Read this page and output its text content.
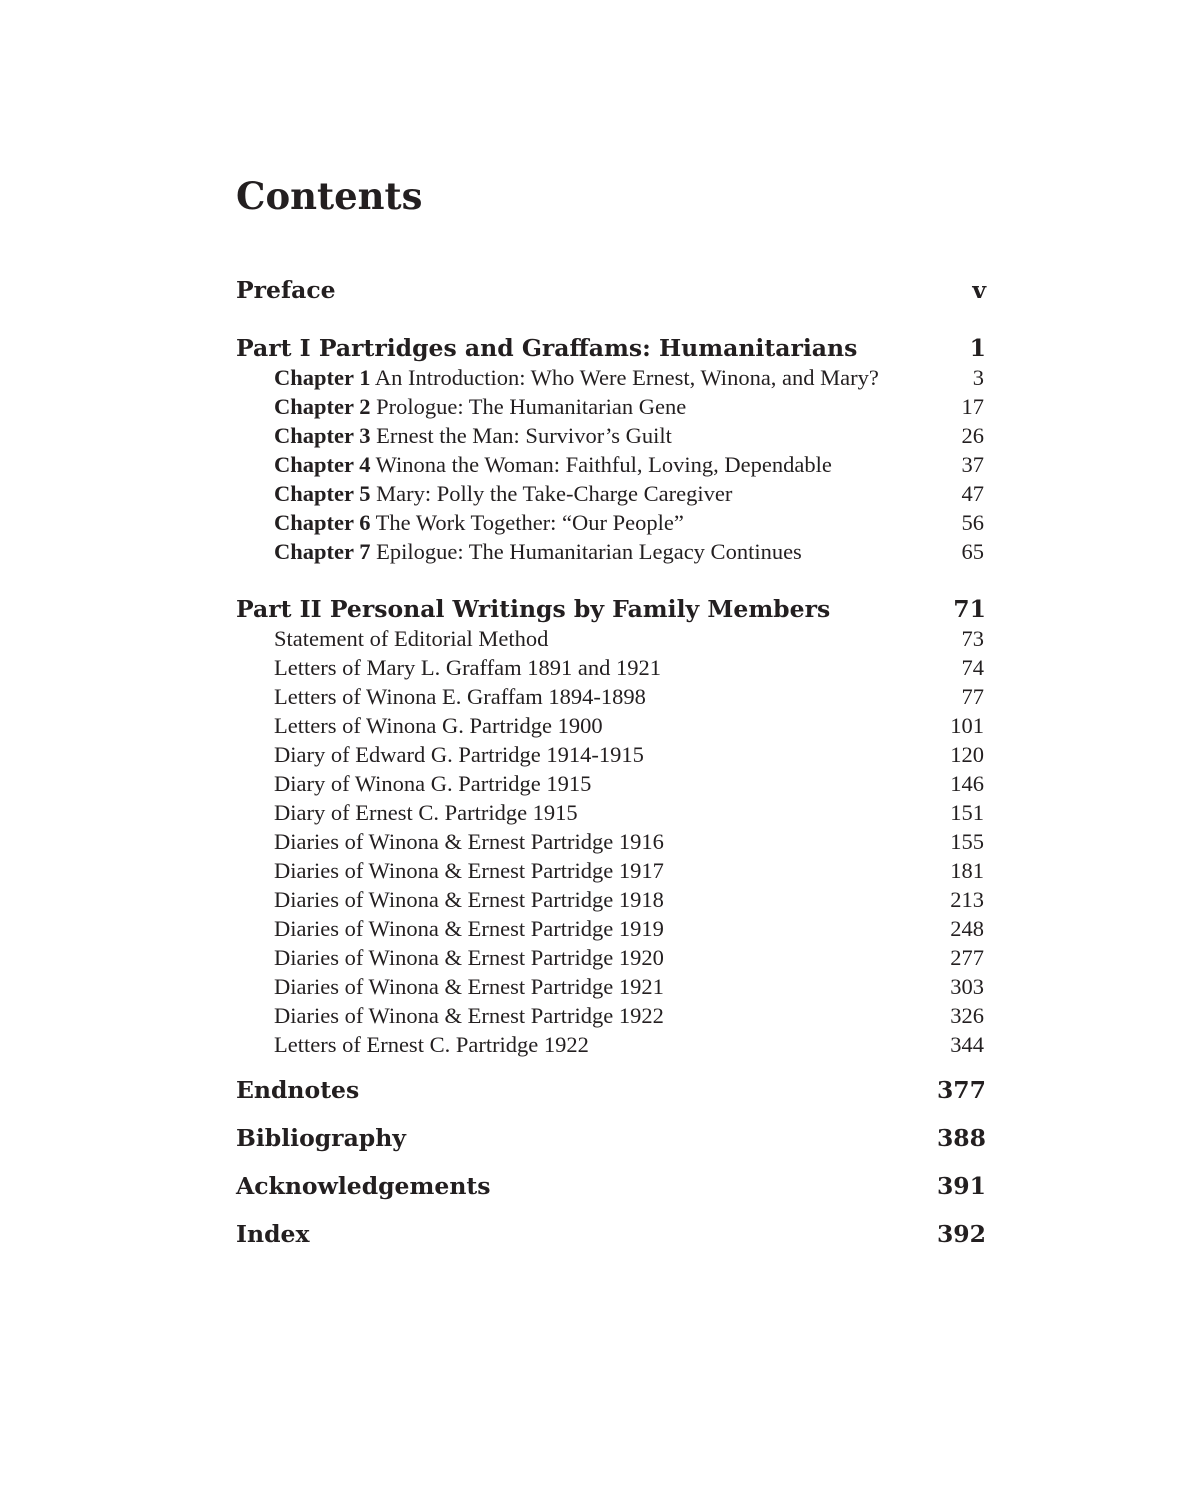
Contents
Preface	v
Part I Partridges and Graffams: Humanitarians	1
Chapter 1 An Introduction: Who Were Ernest, Winona, and Mary?	3
Chapter 2 Prologue: The Humanitarian Gene	17
Chapter 3 Ernest the Man: Survivor’s Guilt	26
Chapter 4 Winona the Woman: Faithful, Loving, Dependable	37
Chapter 5 Mary: Polly the Take-Charge Caregiver	47
Chapter 6 The Work Together: “Our People”	56
Chapter 7 Epilogue: The Humanitarian Legacy Continues	65
Part II Personal Writings by Family Members	71
Statement of Editorial Method	73
Letters of Mary L. Graffam 1891 and 1921	74
Letters of Winona E. Graffam 1894-1898	77
Letters of Winona G. Partridge 1900	101
Diary of Edward G. Partridge 1914-1915	120
Diary of Winona G. Partridge 1915	146
Diary of Ernest C. Partridge 1915	151
Diaries of Winona & Ernest Partridge 1916	155
Diaries of Winona & Ernest Partridge 1917	181
Diaries of Winona & Ernest Partridge 1918	213
Diaries of Winona & Ernest Partridge 1919	248
Diaries of Winona & Ernest Partridge 1920	277
Diaries of Winona & Ernest Partridge 1921	303
Diaries of Winona & Ernest Partridge 1922	326
Letters of Ernest C. Partridge 1922	344
Endnotes	377
Bibliography	388
Acknowledgements	391
Index	392
